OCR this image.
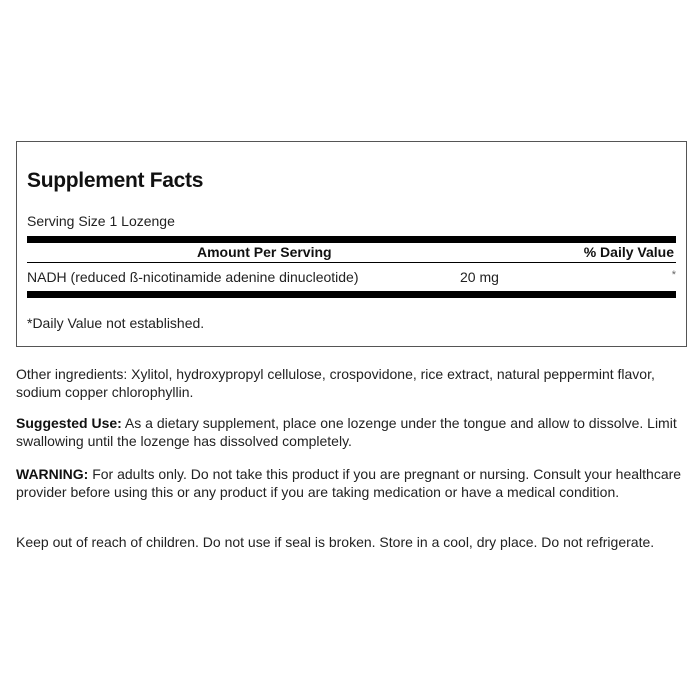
Supplement Facts
Serving Size 1 Lozenge
Amount Per Serving	% Daily Value
NADH (reduced ß-nicotinamide adenine dinucleotide)	20 mg	*
*Daily Value not established.
Other ingredients: Xylitol, hydroxypropyl cellulose, crospovidone, rice extract, natural peppermint flavor, sodium copper chlorophyllin.
Suggested Use: As a dietary supplement, place one lozenge under the tongue and allow to dissolve. Limit swallowing until the lozenge has dissolved completely.
WARNING: For adults only. Do not take this product if you are pregnant or nursing. Consult your healthcare provider before using this or any product if you are taking medication or have a medical condition.
Keep out of reach of children. Do not use if seal is broken. Store in a cool, dry place. Do not refrigerate.
